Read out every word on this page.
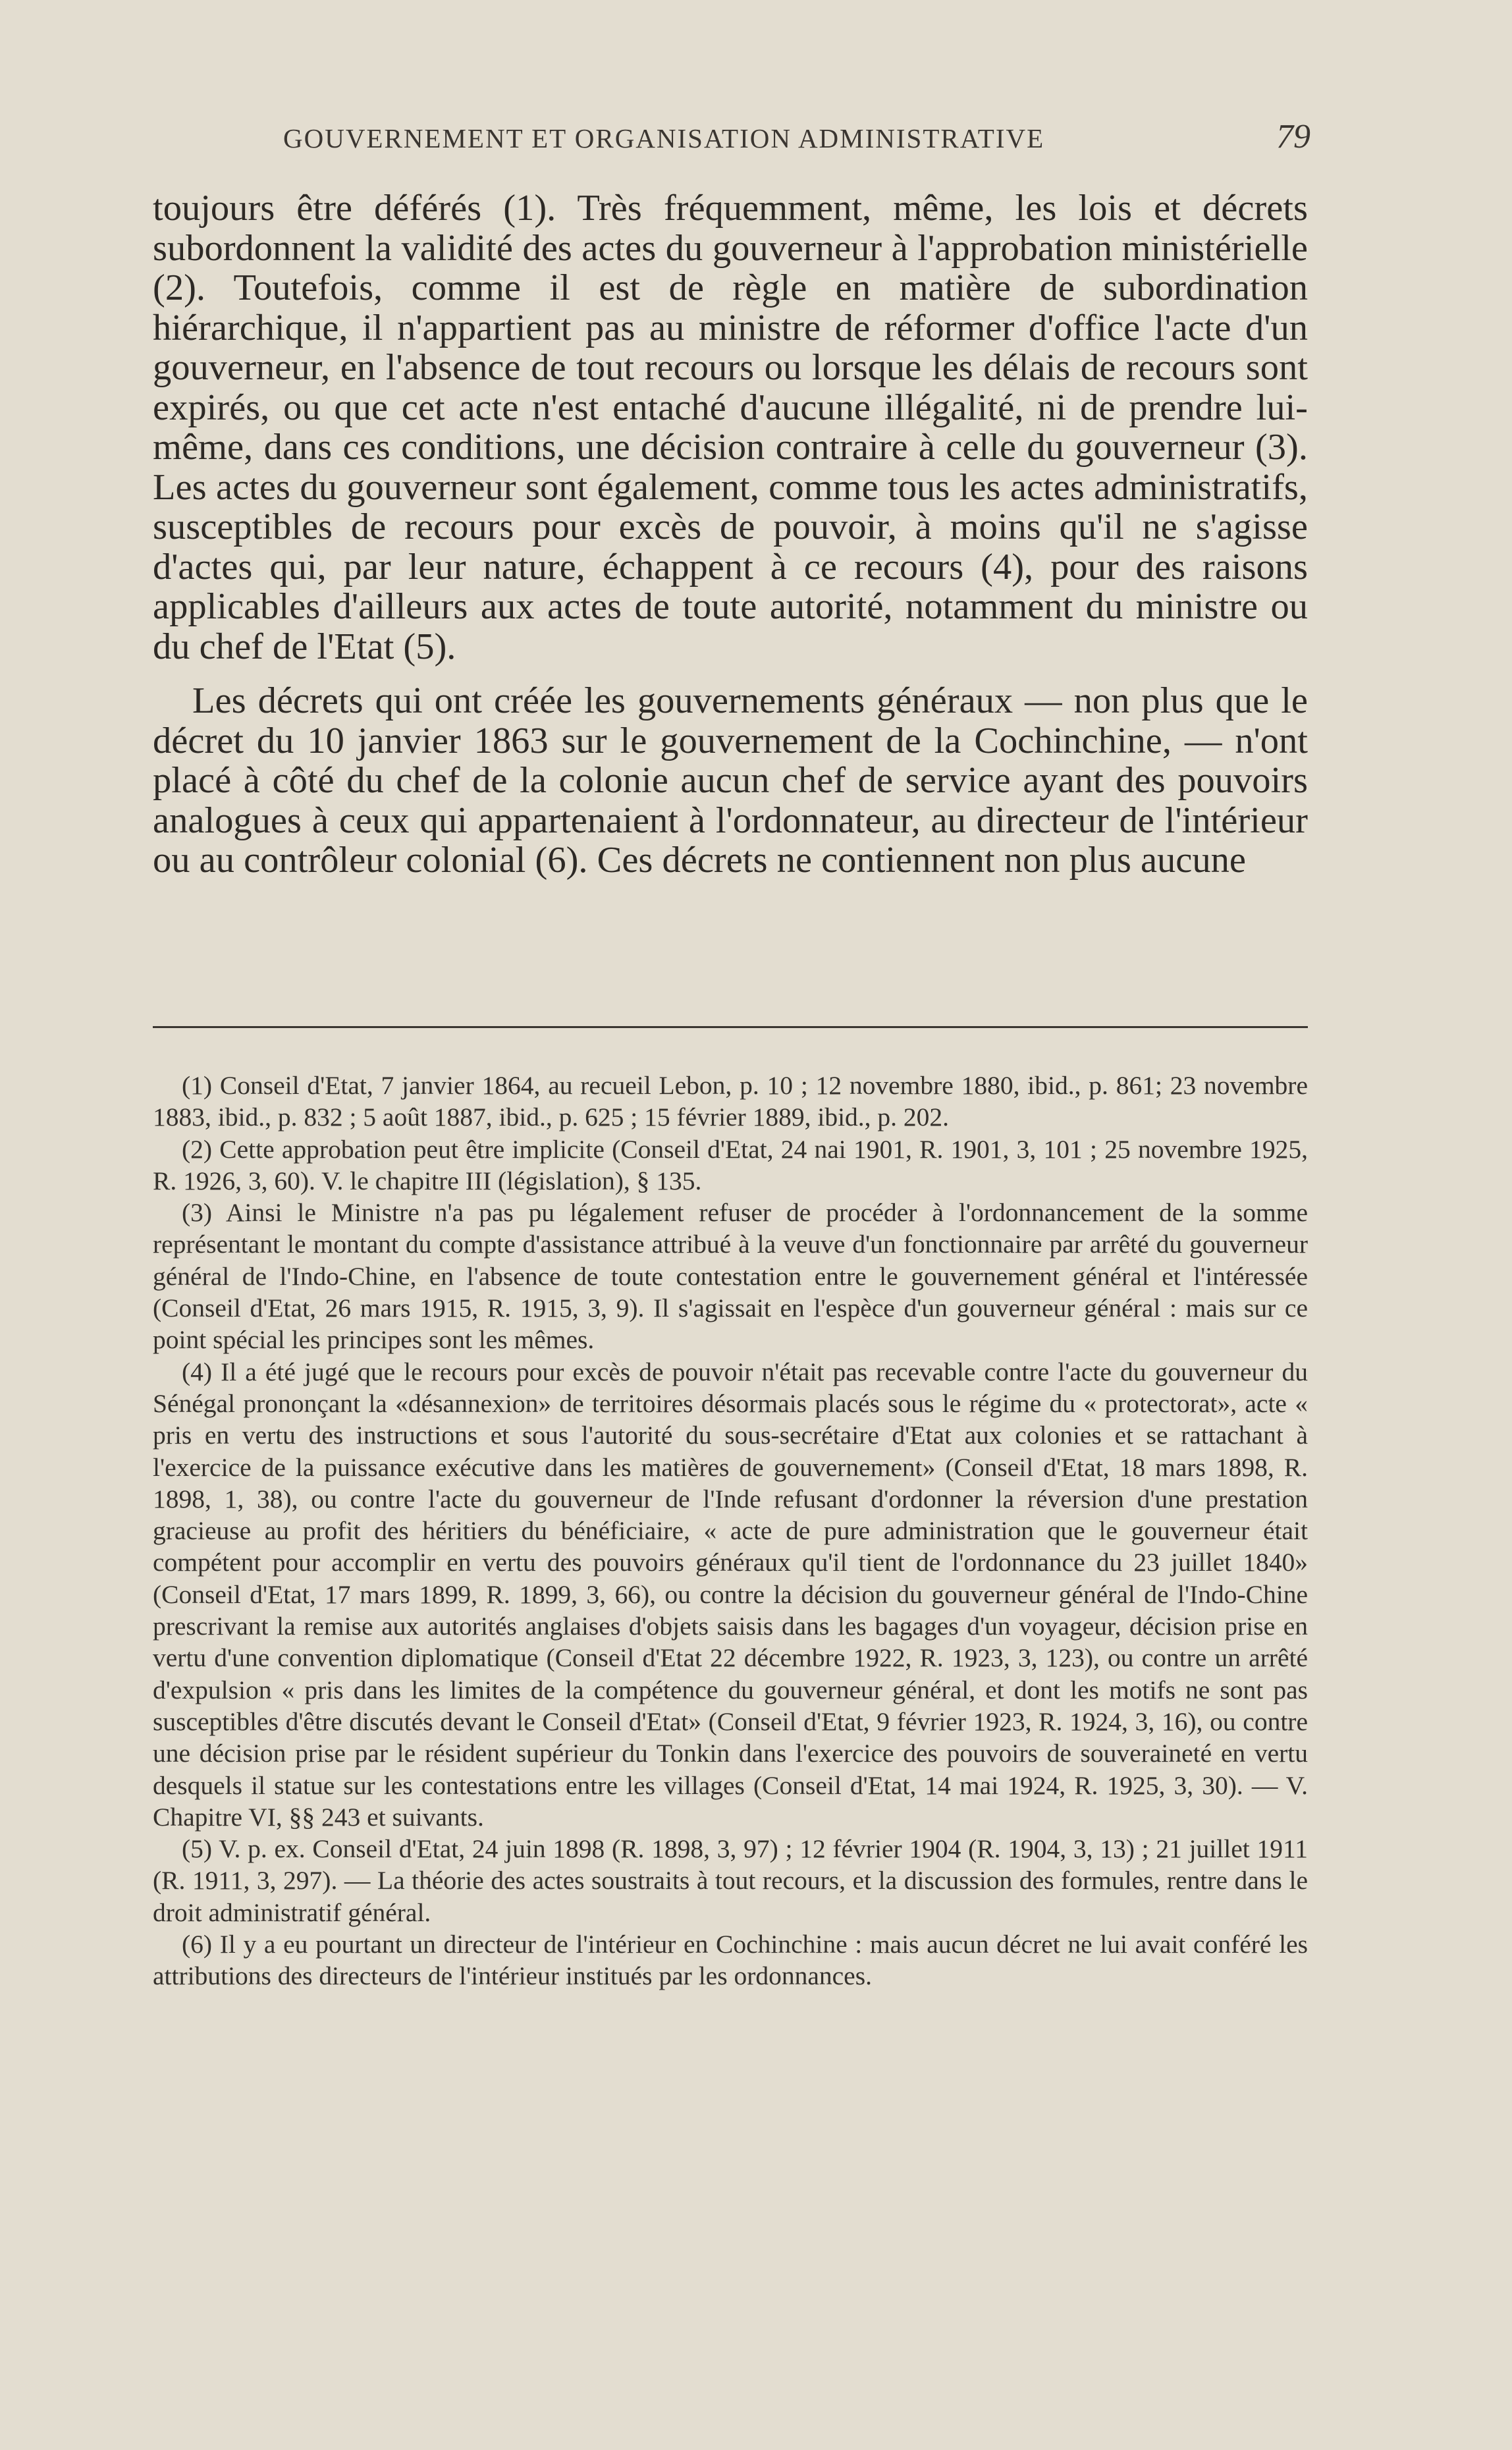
GOUVERNEMENT ET ORGANISATION ADMINISTRATIVE	79

toujours être déférés (1). Très fréquemment, même, les lois et décrets subordonnent la validité des actes du gouverneur à l'approbation ministérielle (2). Toutefois, comme il est de règle en matière de subordination hiérarchique, il n'appartient pas au ministre de réformer d'office l'acte d'un gouverneur, en l'absence de tout recours ou lorsque les délais de recours sont expirés, ou que cet acte n'est entaché d'aucune illégalité, ni de prendre lui-même, dans ces conditions, une décision contraire à celle du gouverneur (3). Les actes du gouverneur sont également, comme tous les actes administratifs, susceptibles de recours pour excès de pouvoir, à moins qu'il ne s'agisse d'actes qui, par leur nature, échappent à ce recours (4), pour des raisons applicables d'ailleurs aux actes de toute autorité, notamment du ministre ou du chef de l'Etat (5).

Les décrets qui ont créée les gouvernements généraux — non plus que le décret du 10 janvier 1863 sur le gouvernement de la Cochinchine, — n'ont placé à côté du chef de la colonie aucun chef de service ayant des pouvoirs analogues à ceux qui appartenaient à l'ordonnateur, au directeur de l'intérieur ou au contrôleur colonial (6). Ces décrets ne contiennent non plus aucune

(1) Conseil d'Etat, 7 janvier 1864, au recueil Lebon, p. 10 ; 12 novembre 1880, ibid., p. 861; 23 novembre 1883, ibid., p. 832 ; 5 août 1887, ibid., p. 625 ; 15 février 1889, ibid., p. 202.

(2) Cette approbation peut être implicite (Conseil d'Etat, 24 nai 1901, R. 1901, 3, 101 ; 25 novembre 1925, R. 1926, 3, 60). V. le chapitre III (législation), § 135.

(3) Ainsi le Ministre n'a pas pu légalement refuser de procéder à l'ordonnancement de la somme représentant le montant du compte d'assistance attribué à la veuve d'un fonctionnaire par arrêté du gouverneur général de l'Indo-Chine, en l'absence de toute contestation entre le gouvernement général et l'intéressée (Conseil d'Etat, 26 mars 1915, R. 1915, 3, 9). Il s'agissait en l'espèce d'un gouverneur général : mais sur ce point spécial les principes sont les mêmes.

(4) Il a été jugé que le recours pour excès de pouvoir n'était pas recevable contre l'acte du gouverneur du Sénégal prononçant la «désannexion» de territoires désormais placés sous le régime du « protectorat», acte « pris en vertu des instructions et sous l'autorité du sous-secrétaire d'Etat aux colonies et se rattachant à l'exercice de la puissance exécutive dans les matières de gouvernement» (Conseil d'Etat, 18 mars 1898, R. 1898, 1, 38), ou contre l'acte du gouverneur de l'Inde refusant d'ordonner la réversion d'une prestation gracieuse au profit des héritiers du bénéficiaire, « acte de pure administration que le gouverneur était compétent pour accomplir en vertu des pouvoirs généraux qu'il tient de l'ordonnance du 23 juillet 1840» (Conseil d'Etat, 17 mars 1899, R. 1899, 3, 66), ou contre la décision du gouverneur général de l'Indo-Chine prescrivant la remise aux autorités anglaises d'objets saisis dans les bagages d'un voyageur, décision prise en vertu d'une convention diplomatique (Conseil d'Etat 22 décembre 1922, R. 1923, 3, 123), ou contre un arrêté d'expulsion « pris dans les limites de la compétence du gouverneur général, et dont les motifs ne sont pas susceptibles d'être discutés devant le Conseil d'Etat» (Conseil d'Etat, 9 février 1923, R. 1924, 3, 16), ou contre une décision prise par le résident supérieur du Tonkin dans l'exercice des pouvoirs de souveraineté en vertu desquels il statue sur les contestations entre les villages (Conseil d'Etat, 14 mai 1924, R. 1925, 3, 30). — V. Chapitre VI, §§ 243 et suivants.

(5) V. p. ex. Conseil d'Etat, 24 juin 1898 (R. 1898, 3, 97) ; 12 février 1904 (R. 1904, 3, 13) ; 21 juillet 1911 (R. 1911, 3, 297). — La théorie des actes soustraits à tout recours, et la discussion des formules, rentre dans le droit administratif général.

(6) Il y a eu pourtant un directeur de l'intérieur en Cochinchine : mais aucun décret ne lui avait conféré les attributions des directeurs de l'intérieur institués par les ordonnances.
